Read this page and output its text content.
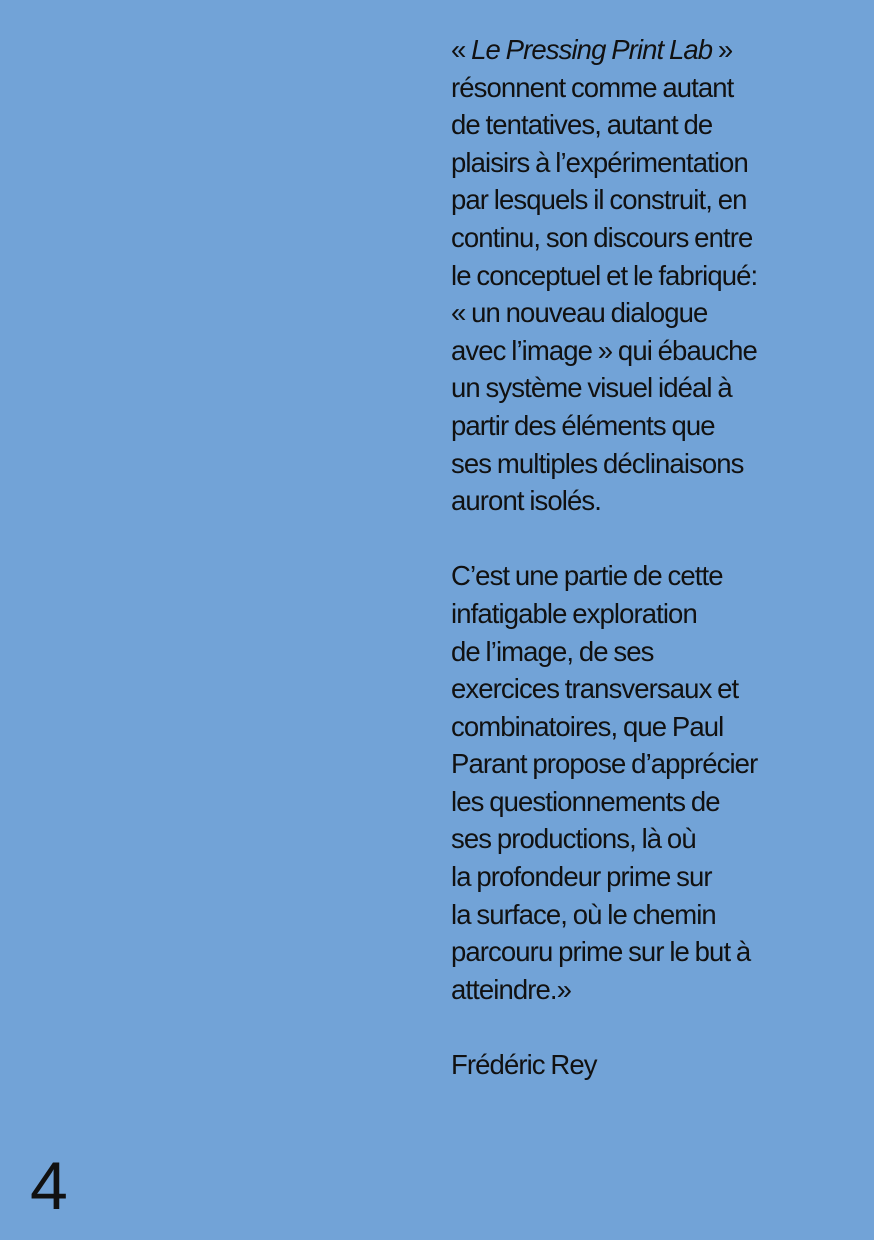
« Le Pressing Print Lab »
résonnent comme autant
de tentatives, autant de
plaisirs à l’expérimentation
par lesquels il construit, en
continu, son discours entre
le conceptuel et le fabriqué:
« un nouveau dialogue
avec l’image » qui ébauche
un système visuel idéal à
partir des éléments que
ses multiples déclinaisons
auront isolés.
C’est une partie de cette
infatigable exploration
de l’image, de ses
exercices transversaux et
combinatoires, que Paul
Parant propose d’apprécier
les questionnements de
ses productions, là où
la profondeur prime sur
la surface, où le chemin
parcouru prime sur le but à
atteindre.»
Frédéric Rey
4
